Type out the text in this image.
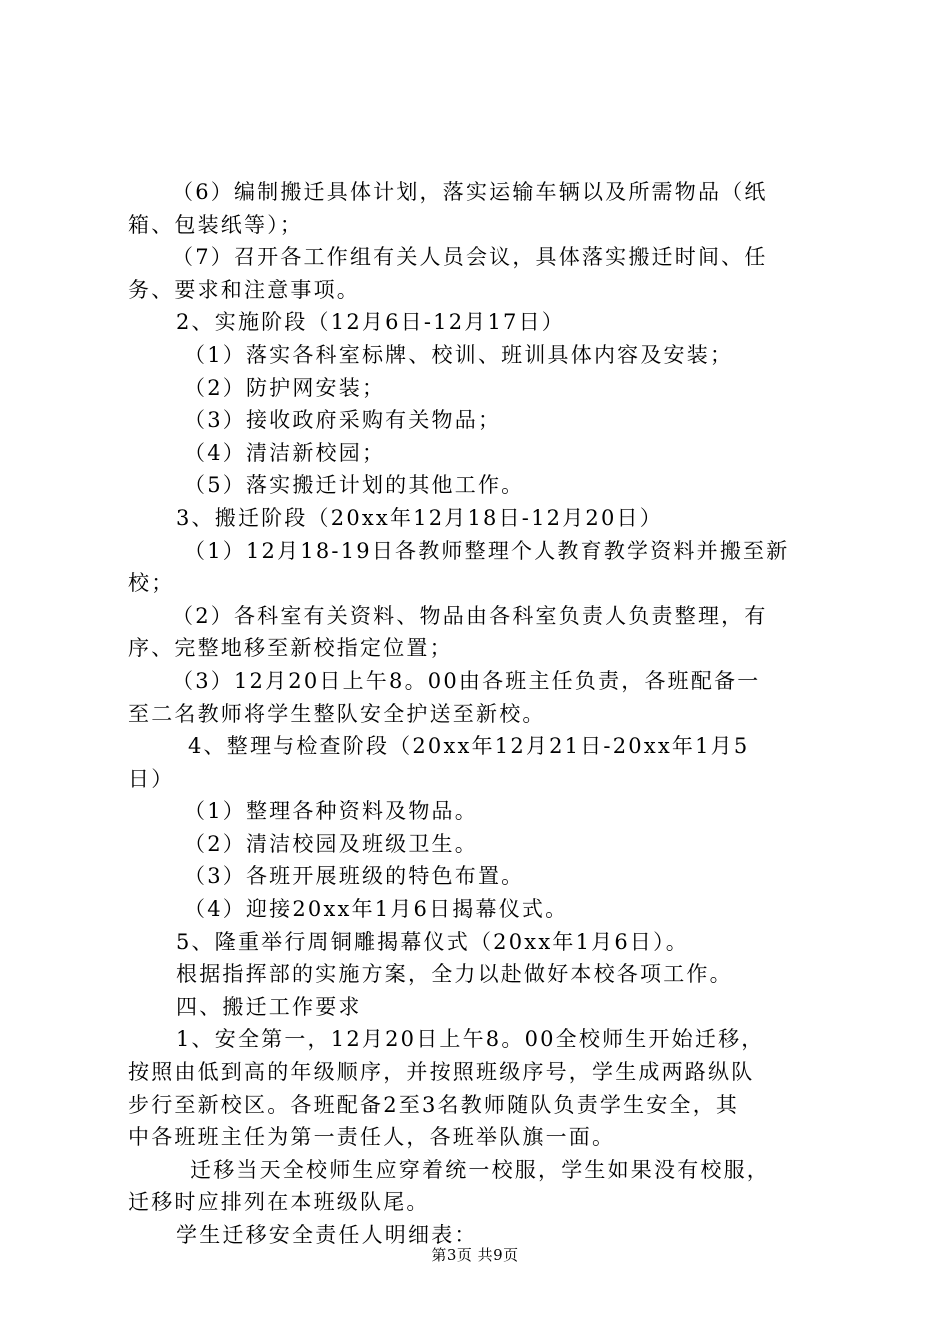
（6）编制搬迁具体计划，落实运输车辆以及所需物品（纸
箱、包装纸等）；
（7）召开各工作组有关人员会议，具体落实搬迁时间、任
务、要求和注意事项。
2、实施阶段（12月6日-12月17日）
（1）落实各科室标牌、校训、班训具体内容及安装；
（2）防护网安装；
（3）接收政府采购有关物品；
（4）清洁新校园；
（5）落实搬迁计划的其他工作。
3、搬迁阶段（20xx年12月18日-12月20日）
（1）12月18-19日各教师整理个人教育教学资料并搬至新
校；
（2）各科室有关资料、物品由各科室负责人负责整理，有
序、完整地移至新校指定位置；
（3）12月20日上午8。00由各班主任负责，各班配备一
至二名教师将学生整队安全护送至新校。
4、整理与检查阶段（20xx年12月21日-20xx年1月5
日）
（1）整理各种资料及物品。
（2）清洁校园及班级卫生。
（3）各班开展班级的特色布置。
（4）迎接20xx年1月6日揭幕仪式。
5、隆重举行周铜雕揭幕仪式（20xx年1月6日）。
根据指挥部的实施方案，全力以赴做好本校各项工作。
四、搬迁工作要求
1、安全第一，12月20日上午8。00全校师生开始迁移，
按照由低到高的年级顺序，并按照班级序号，学生成两路纵队
步行至新校区。各班配备2至3名教师随队负责学生安全，其
中各班班主任为第一责任人，各班举队旗一面。
迁移当天全校师生应穿着统一校服，学生如果没有校服，
迁移时应排列在本班级队尾。
学生迁移安全责任人明细表：
第3页 共9页
